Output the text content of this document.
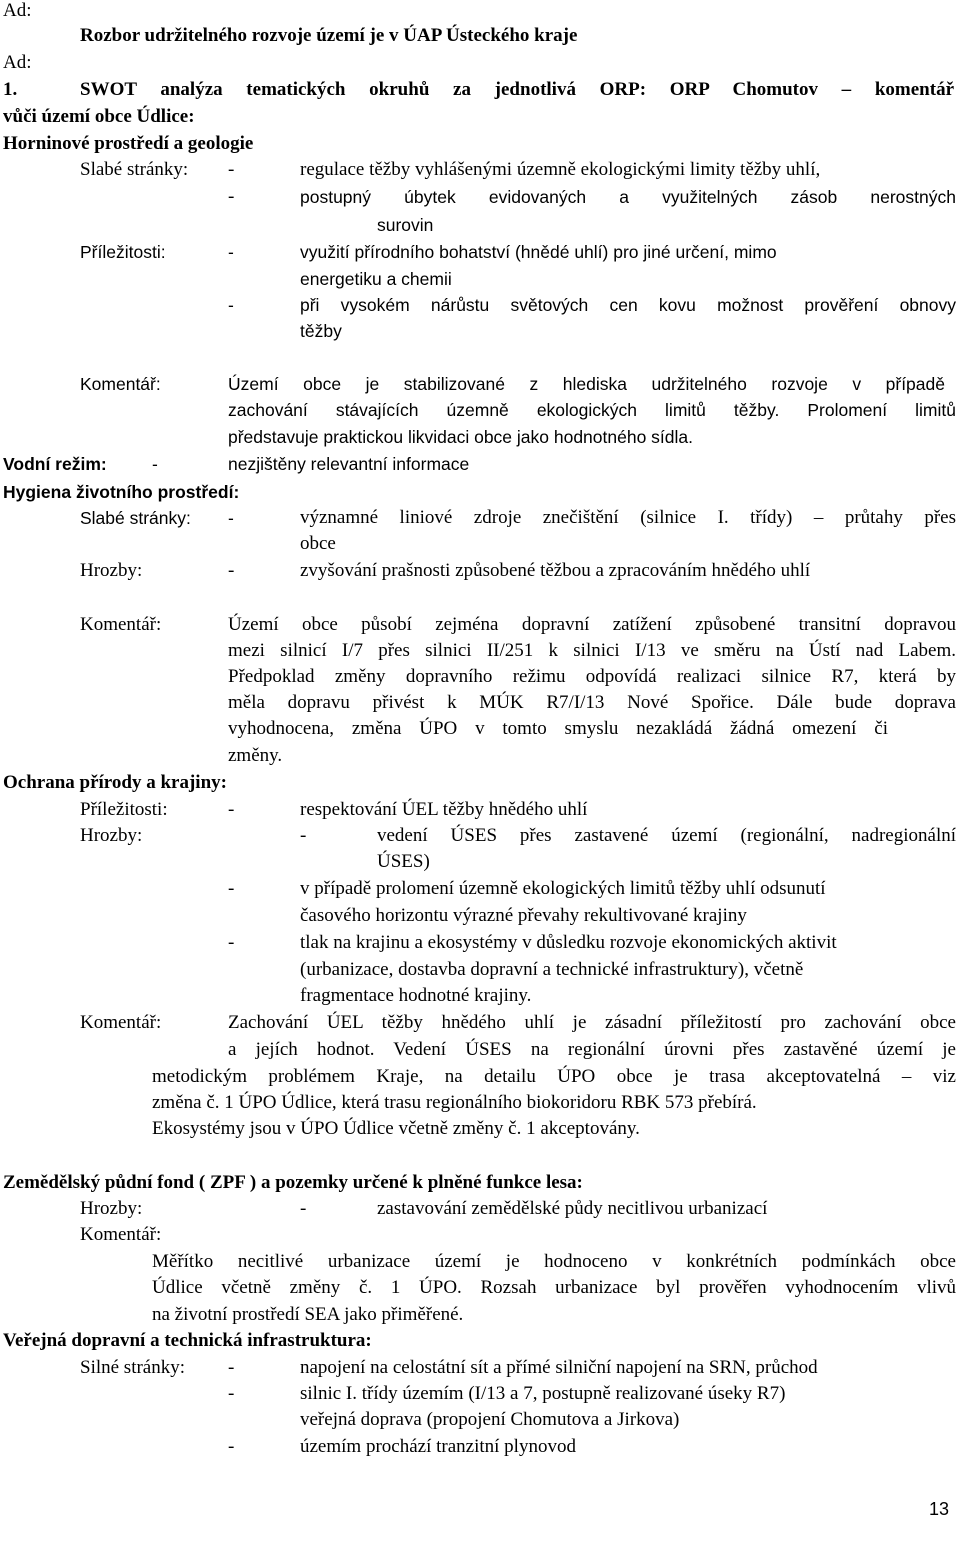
Ad:
Rozbor udržitelného rozvoje území je v ÚAP Ústeckého kraje
Ad:
1.	SWOT analýza tematických okruhů za jednotlivá ORP: ORP Chomutov – komentář
vůči území obce Údlice:
Horninové prostředí a geologie
Slabé stránky: -	regulace těžby vyhlášenými územně ekologickými limity těžby uhlí,
-	postupný úbytek evidovaných a využitelných zásob nerostných
surovin
Příležitosti:	-	využití přírodního bohatství (hnědé uhlí) pro jiné určení, mimo
energetiku a chemii
-	při vysokém nárůstu světových cen kovu možnost prověření obnovy
těžby
Komentář:	Území obce je stabilizované z hlediska udržitelného rozvoje v případě
zachování stávajících územně ekologických limitů těžby. Prolomení limitů
představuje praktickou likvidaci obce jako hodnotného sídla.
Vodní režim:	-	nezjištěny relevantní informace
Hygiena životního prostředí:
Slabé stránky: -	významné liniové zdroje znečištění (silnice I. třídy) – průtahy přes
obce
Hrozby:	-	zvyšování prašnosti způsobené těžbou a zpracováním hnědého uhlí
Komentář:	Území obce působí zejména dopravní zatížení způsobené transitní dopravou
mezi silnicí I/7 přes silnici II/251 k silnici I/13 ve směru na Ústí nad Labem.
Předpoklad změny dopravního režimu odpovídá realizaci silnice R7, která by
měla dopravu přivést k MÚK R7/I/13 Nové Spořice. Dále bude doprava
vyhodnocena, změna ÚPO v tomto smyslu nezakládá žádná omezení či
změny.
Ochrana přírody a krajiny:
Příležitosti:	-	respektování ÚEL těžby hnědého uhlí
Hrozby:	-	vedení ÚSES přes zastavené území (regionální, nadregionální
ÚSES)
-	v případě prolomení územně ekologických limitů těžby uhlí odsunutí
časového horizontu výrazné převahy rekultivované krajiny
-	tlak na krajinu a ekosystémy v důsledku rozvoje ekonomických aktivit
(urbanizace, dostavba dopravní a technické infrastruktury), včetně
fragmentace hodnotné krajiny.
Komentář:	Zachování ÚEL těžby hnědého uhlí je zásadní příležitostí pro zachování obce
a jejích hodnot. Vedení ÚSES na regionální úrovni přes zastavěné území je
metodickým problémem Kraje, na detailu ÚPO obce je trasa akceptovatelná – viz
změna č. 1 ÚPO Údlice, která trasu regionálního biokoridoru RBK 573 přebírá.
Ekosystémy jsou v ÚPO Údlice včetně změny č. 1 akceptovány.
Zemědělský půdní fond ( ZPF ) a pozemky určené k plněné funkce lesa:
Hrozby:	-	zastavování zemědělské půdy necitlivou urbanizací
Komentář:
Měřítko necitlivé urbanizace území je hodnoceno v konkrétních podmínkách obce
Údlice včetně změny č. 1 ÚPO. Rozsah urbanizace byl prověřen vyhodnocením vlivů
na životní prostředí SEA jako přiměřené.
Veřejná dopravní a technická infrastruktura:
Silné stránky: -	napojení na celostátní sít a přímé silniční napojení na SRN, průchod
-	silnic I. třídy územím (I/13 a 7, postupně realizované úseky R7)
veřejná doprava (propojení Chomutova a Jirkova)
-	územím prochází tranzitní plynovod
13
